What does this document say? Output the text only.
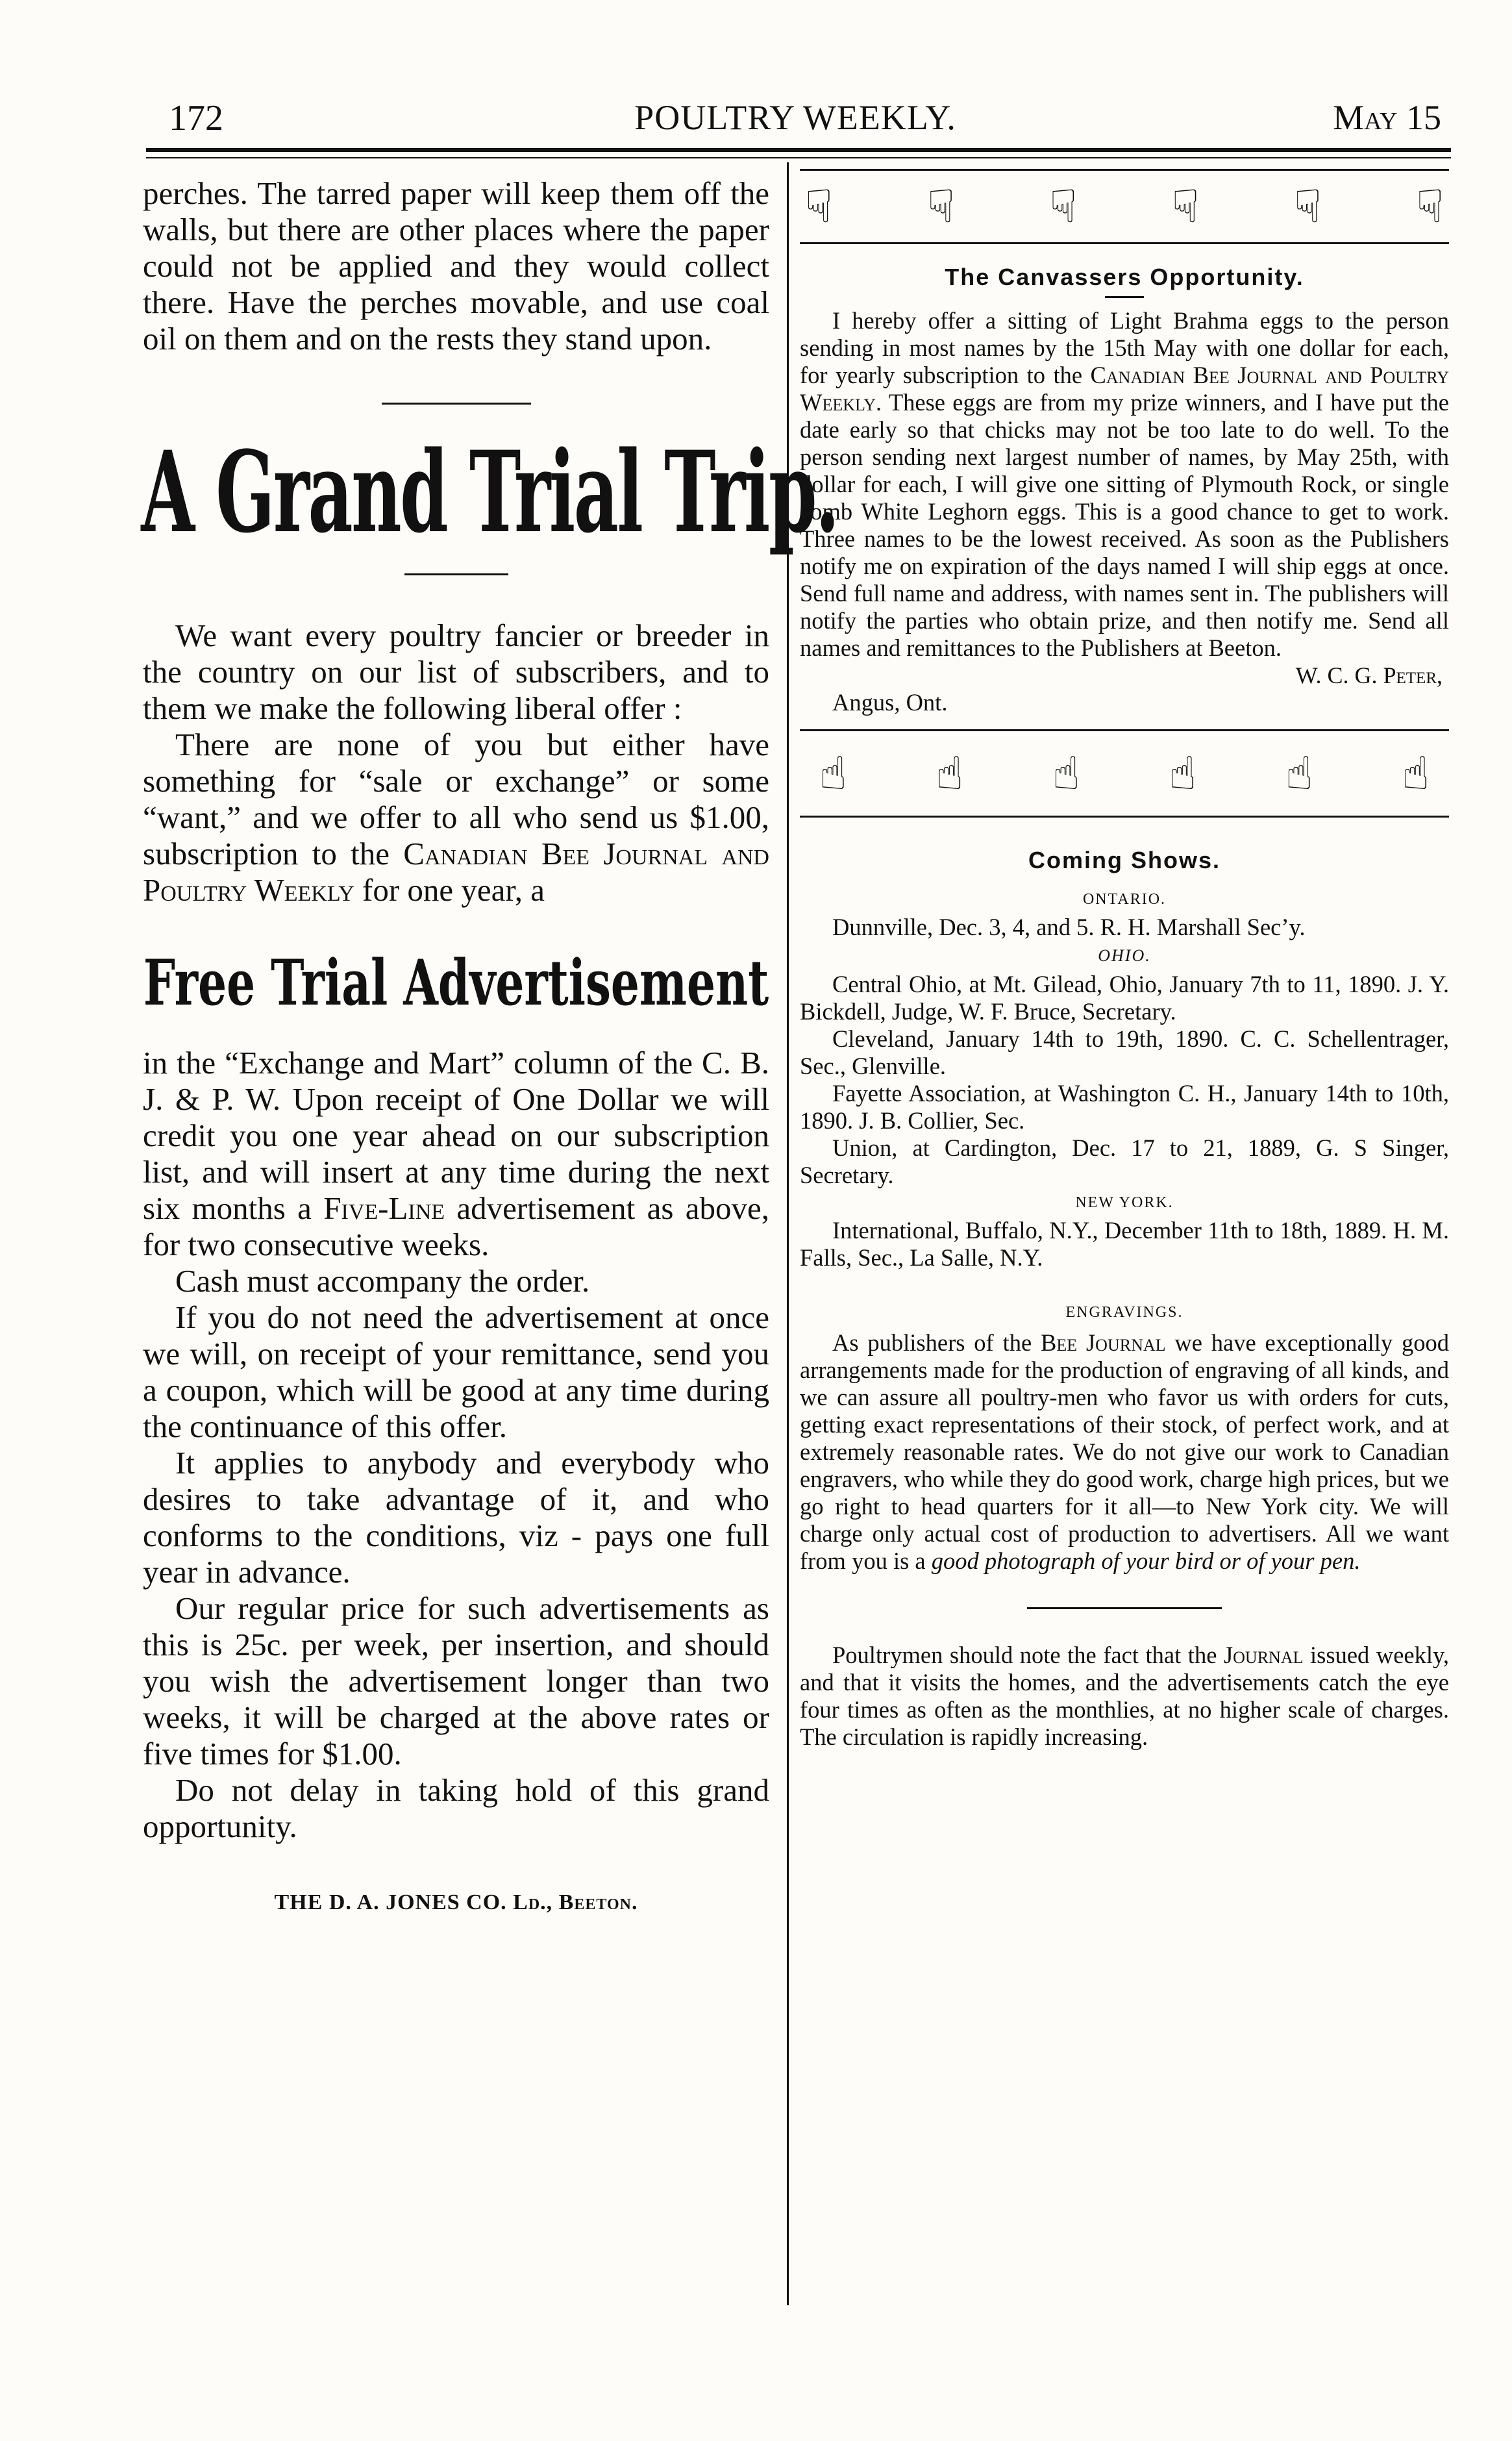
172	POULTRY WEEKLY.	May 15

perches. The tarred paper will keep them off the walls, but there are other places where the paper could not be applied and they would collect there. Have the perches movable, and use coal oil on them and on the rests they stand upon.

A Grand Trial Trip.

We want every poultry fancier or breeder in the country on our list of subscribers, and to them we make the following liberal offer :

There are none of you but either have something for “sale or exchange” or some “want,” and we offer to all who send us $1.00, subscription to the Canadian Bee Journal and Poultry Weekly for one year, a

Free Trial Advertisement

in the “Exchange and Mart” column of the C. B. J. & P. W. Upon receipt of One Dollar we will credit you one year ahead on our subscription list, and will insert at any time during the next six months a Five-Line advertisement as above, for two consecutive weeks.

Cash must accompany the order.

If you do not need the advertisement at once we will, on receipt of your remittance, send you a coupon, which will be good at any time during the continuance of this offer.

It applies to anybody and everybody who desires to take advantage of it, and who conforms to the conditions, viz - pays one full year in advance.

Our regular price for such advertisements as this is 25c. per week, per insertion, and should you wish the advertisement longer than two weeks, it will be charged at the above rates or five times for $1.00.

Do not delay in taking hold of this grand opportunity.

THE D. A. JONES CO. Ld., Beeton.
☟ ☟ ☟ ☟ ☟ ☟
The Canvassers Opportunity.

I hereby offer a sitting of Light Brahma eggs to the person sending in most names by the 15th May with one dollar for each, for yearly subscription to the Canadian Bee Journal and Poultry Weekly. These eggs are from my prize winners, and I have put the date early so that chicks may not be too late to do well. To the person sending next largest number of names, by May 25th, with dollar for each, I will give one sitting of Plymouth Rock, or single comb White Leghorn eggs. This is a good chance to get to work. Three names to be the lowest received. As soon as the Publishers notify me on expiration of the days named I will ship eggs at once. Send full name and address, with names sent in. The publishers will notify the parties who obtain prize, and then notify me. Send all names and remittances to the Publishers at Beeton.

W. C. G. Peter,

Angus, Ont.

☝ ☝ ☝ ☝ ☝ ☝
Coming Shows.
ONTARIO.

Dunnville, Dec. 3, 4, and 5. R. H. Marshall Sec’y.

OHIO.

Central Ohio, at Mt. Gilead, Ohio, January 7th to 11, 1890. J. Y. Bickdell, Judge, W. F. Bruce, Secretary.

Cleveland, January 14th to 19th, 1890. C. C. Schellentrager, Sec., Glenville.

Fayette Association, at Washington C. H., January 14th to 10th, 1890. J. B. Collier, Sec.

Union, at Cardington, Dec. 17 to 21, 1889, G. S Singer, Secretary.

NEW YORK.

International, Buffalo, N.Y., December 11th to 18th, 1889. H. M. Falls, Sec., La Salle, N.Y.

ENGRAVINGS.

As publishers of the Bee Journal we have exceptionally good arrangements made for the production of engraving of all kinds, and we can assure all poultry-men who favor us with orders for cuts, getting exact representations of their stock, of perfect work, and at extremely reasonable rates. We do not give our work to Canadian engravers, who while they do good work, charge high prices, but we go right to head quarters for it all—to New York city. We will charge only actual cost of production to advertisers. All we want from you is a good photograph of your bird or of your pen.

Poultrymen should note the fact that the Journal issued weekly, and that it visits the homes, and the advertisements catch the eye four times as often as the monthlies, at no higher scale of charges. The circulation is rapidly increasing.
